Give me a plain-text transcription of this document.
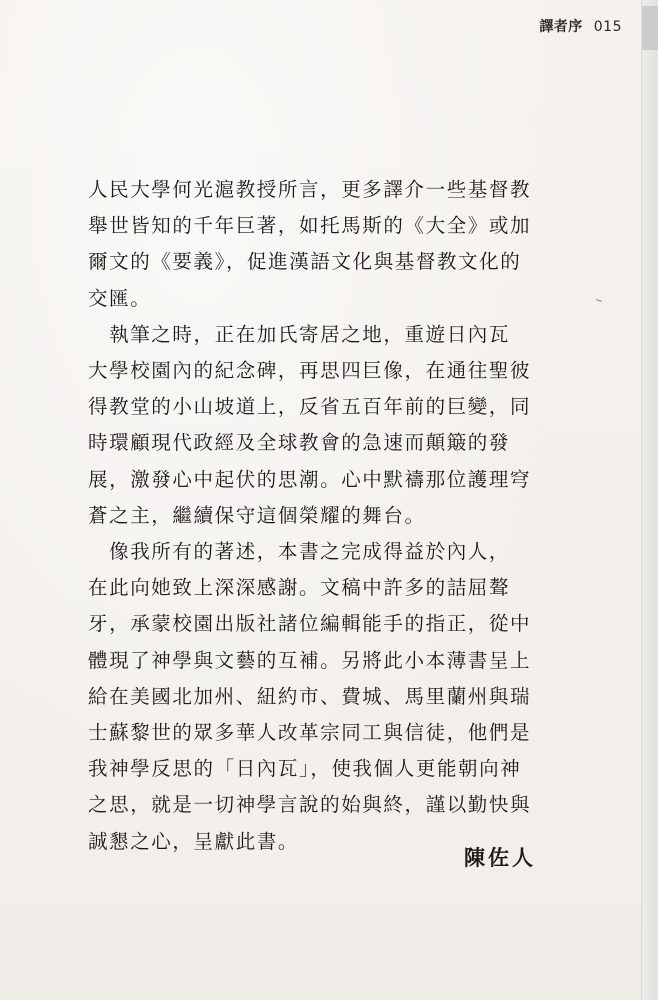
譯者序 015

人民大學何光滬教授所言，更多譯介一些基督教
舉世皆知的千年巨著，如托馬斯的《大全》或加
爾文的《要義》，促進漢語文化與基督教文化的
交匯。

　執筆之時，正在加氏寄居之地，重遊日內瓦
大學校園內的紀念碑，再思四巨像，在通往聖彼
得教堂的小山坡道上，反省五百年前的巨變，同
時環顧現代政經及全球教會的急速而顛簸的發
展，激發心中起伏的思潮。心中默禱那位護理穹
蒼之主，繼續保守這個榮耀的舞台。

　像我所有的著述，本書之完成得益於內人，
在此向她致上深深感謝。文稿中許多的詰屈聱
牙，承蒙校園出版社諸位編輯能手的指正，從中
體現了神學與文藝的互補。另將此小本薄書呈上
給在美國北加州、紐約市、費城、馬里蘭州與瑞
士蘇黎世的眾多華人改革宗同工與信徒，他們是
我神學反思的「日內瓦」，使我個人更能朝向神
之思，就是一切神學言說的始與終，謹以勤快與
誠懇之心，呈獻此書。

陳佐人
